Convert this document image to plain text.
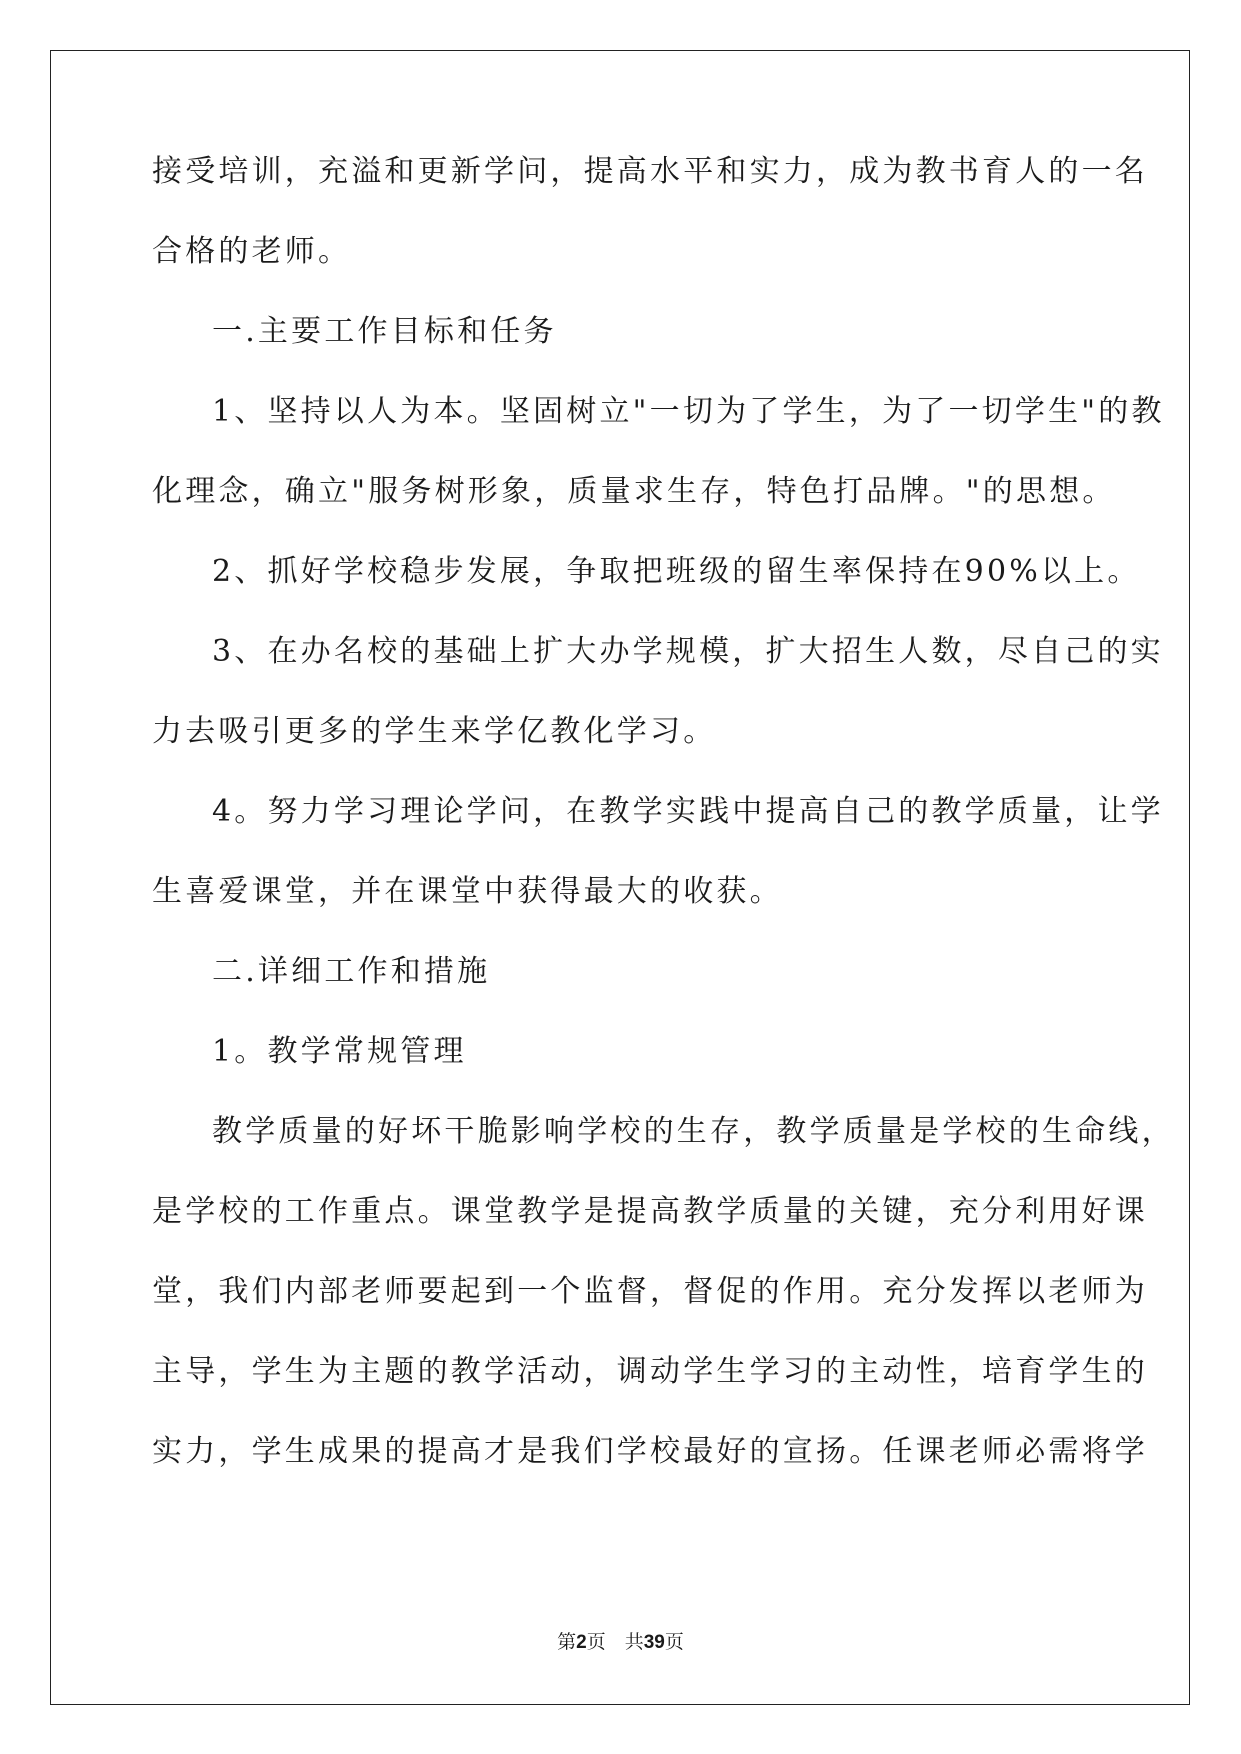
接受培训，充溢和更新学问，提高水平和实力，成为教书育人的一名

合格的老师。

一.主要工作目标和任务

1、坚持以人为本。坚固树立"一切为了学生，为了一切学生"的教

化理念，确立"服务树形象，质量求生存，特色打品牌。"的思想。

2、抓好学校稳步发展，争取把班级的留生率保持在90%以上。

3、在办名校的基础上扩大办学规模，扩大招生人数，尽自己的实

力去吸引更多的学生来学亿教化学习。

4。努力学习理论学问，在教学实践中提高自己的教学质量，让学

生喜爱课堂，并在课堂中获得最大的收获。

二.详细工作和措施

1。教学常规管理

教学质量的好坏干脆影响学校的生存，教学质量是学校的生命线，

是学校的工作重点。课堂教学是提高教学质量的关键，充分利用好课

堂，我们内部老师要起到一个监督，督促的作用。充分发挥以老师为

主导，学生为主题的教学活动，调动学生学习的主动性，培育学生的

实力，学生成果的提高才是我们学校最好的宣扬。任课老师必需将学

第2页　共39页
